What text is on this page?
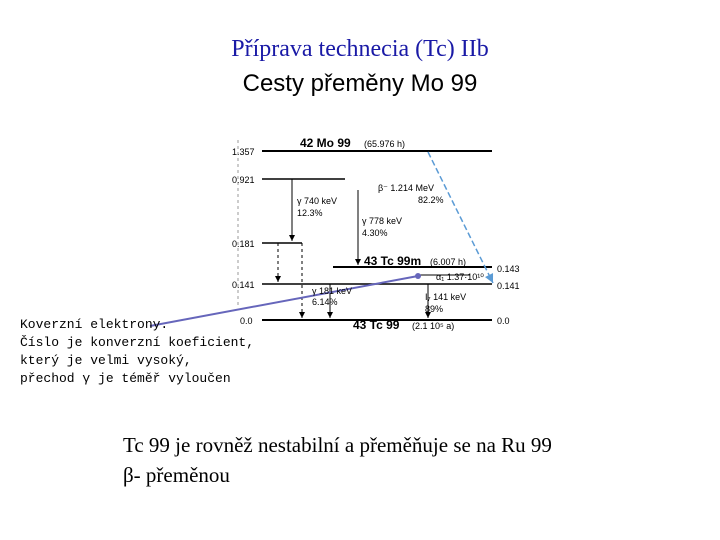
Příprava technecia (Tc) IIb
Cesty přeměny Mo 99
1.357
0.921
0.181
0.141
0.0
42 Mo 99 (65.976 h)
43 Tc 99m (6.007 h)
43 Tc 99 (2.1 10⁵ a)
0.143
0.141
0.0
β⁻ 1.214 MeV
82.2%
γ 740 keV
12.3%
γ 778 keV
4.30%
α₁ 1.37·10¹⁰
γ 181 keV
6.14%	I₇ 141 keV
89%
Koverzní elektrony.
Číslo je konverzní koeficient,
který je velmi vysoký,
přechod γ je téměř vyloučen
Tc 99 je rovněž nestabilní a přeměňuje se na Ru 99
β- přeměnou
